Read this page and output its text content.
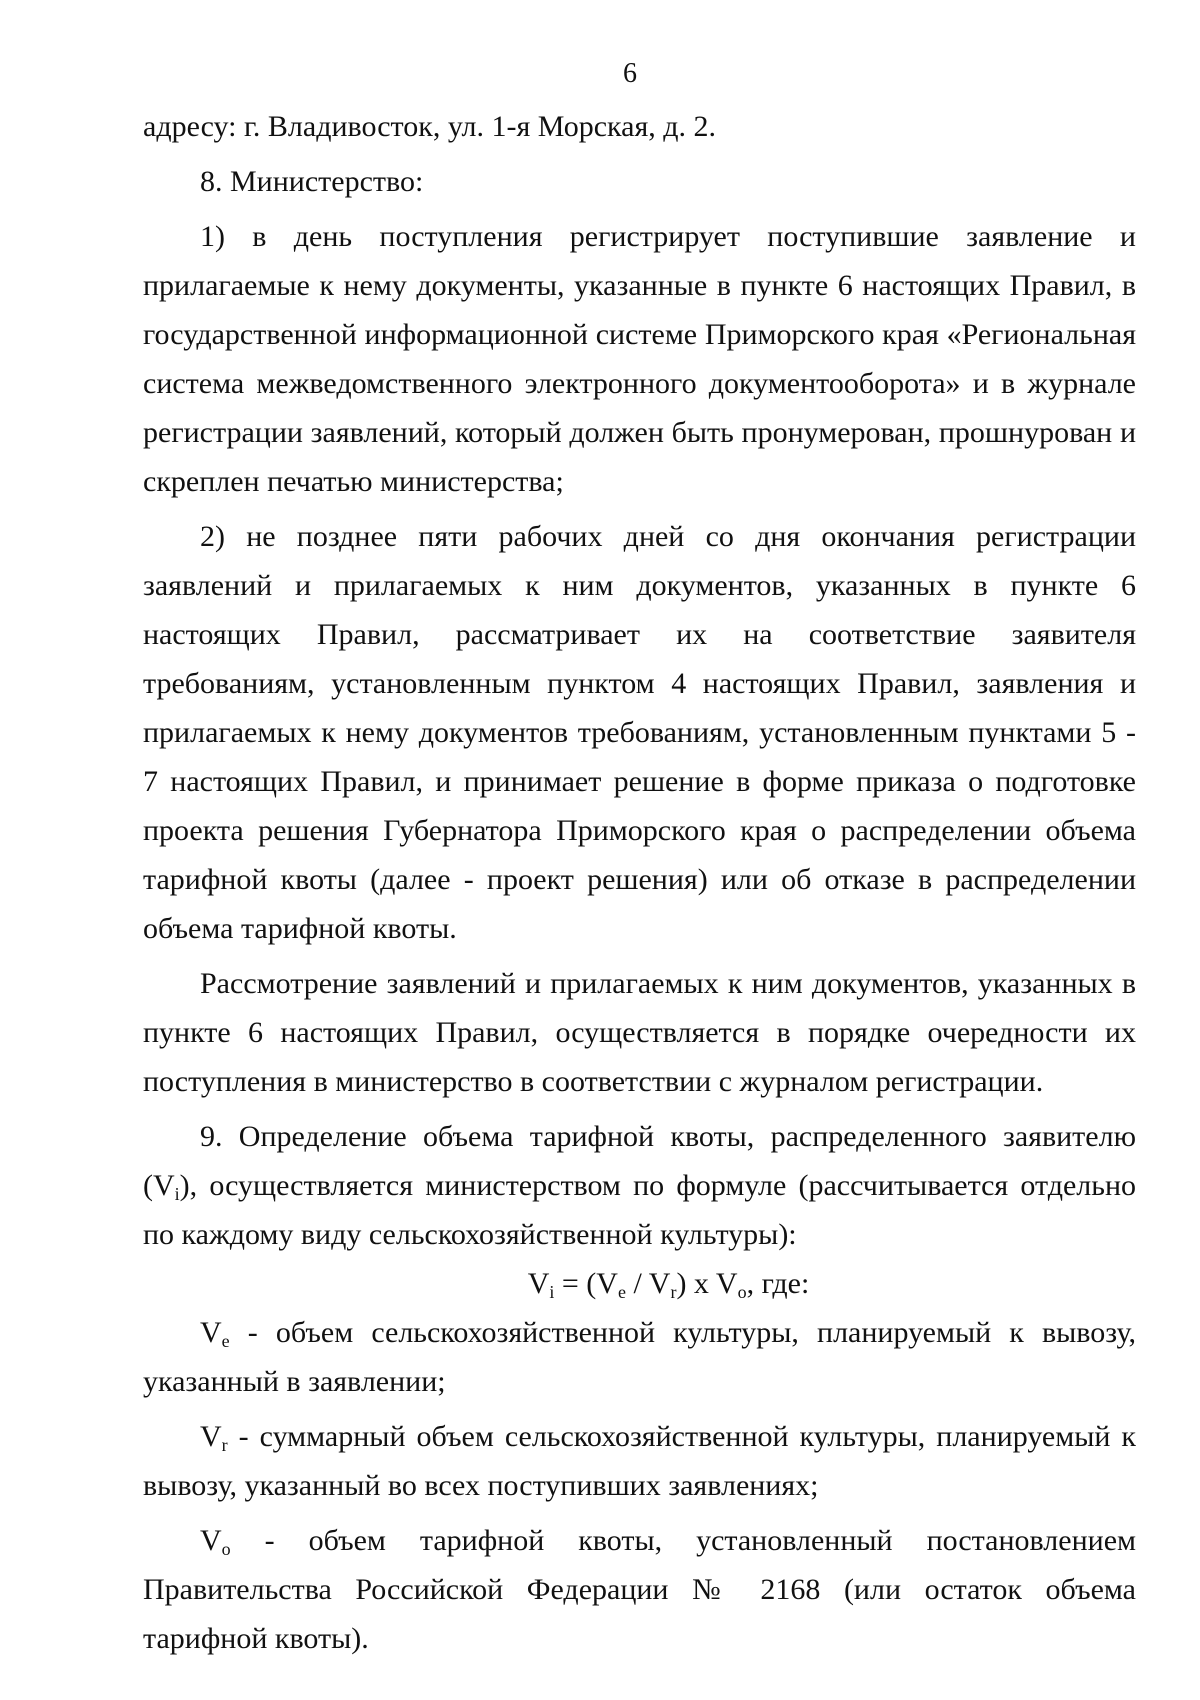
6

адресу: г. Владивосток, ул. 1-я Морская, д. 2.

8. Министерство:

1) в день поступления регистрирует поступившие заявление и прилагаемые к нему документы, указанные в пункте 6 настоящих Правил, в государственной информационной системе Приморского края «Региональная система межведомственного электронного документооборота» и в журнале регистрации заявлений, который должен быть пронумерован, прошнурован и скреплен печатью министерства;

2) не позднее пяти рабочих дней со дня окончания регистрации заявлений и прилагаемых к ним документов, указанных в пункте 6 настоящих Правил, рассматривает их на соответствие заявителя требованиям, установленным пунктом 4 настоящих Правил, заявления и прилагаемых к нему документов требованиям, установленным пунктами 5 - 7 настоящих Правил, и принимает решение в форме приказа о подготовке проекта решения Губернатора Приморского края о распределении объема тарифной квоты (далее - проект решения) или об отказе в распределении объема тарифной квоты.

Рассмотрение заявлений и прилагаемых к ним документов, указанных в пункте 6 настоящих Правил, осуществляется в порядке очередности их поступления в министерство в соответствии с журналом регистрации.

9. Определение объема тарифной квоты, распределенного заявителю $(V_i)$, осуществляется министерством по формуле (рассчитывается отдельно по каждому виду сельскохозяйственной культуры):

$V_i = (V_e / V_r)$ x $V_o$, где:

$V_e$ - объем сельскохозяйственной культуры, планируемый к вывозу, указанный в заявлении;

$V_r$ - суммарный объем сельскохозяйственной культуры, планируемый к вывозу, указанный во всех поступивших заявлениях;

$V_o$ - объем тарифной квоты, установленный постановлением Правительства Российской Федерации № 2168 (или остаток объема тарифной квоты).
